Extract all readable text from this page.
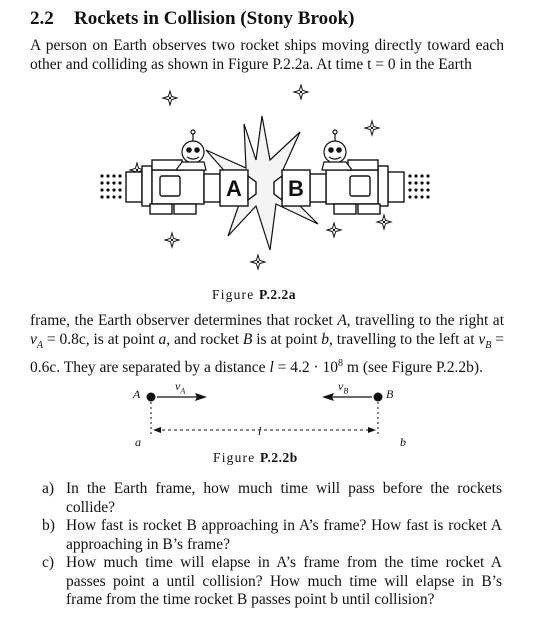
2.2 Rockets in Collision (Stony Brook)

A person on Earth observes two rocket ships moving directly toward each other and colliding as shown in Figure P.2.2a. At time t = 0 in the Earth

A B
Figure P.2.2a

frame, the Earth observer determines that rocket A, travelling to the right at $v_A = 0.8c$, is at point a, and rocket B is at point b, travelling to the left at $v_B = 0.6c$. They are separated by a distance $l = 4.2 \cdot 10^8$ m (see Figure P.2.2b).

A	B
$v_A$	$v_B$
l
a	b
Figure P.2.2b
a) In the Earth frame, how much time will pass before the rockets collide?
b) How fast is rocket B approaching in A’s frame? How fast is rocket A approaching in B’s frame?
c) How much time will elapse in A’s frame from the time rocket A passes point a until collision? How much time will elapse in B’s frame from the time rocket B passes point b until collision?
